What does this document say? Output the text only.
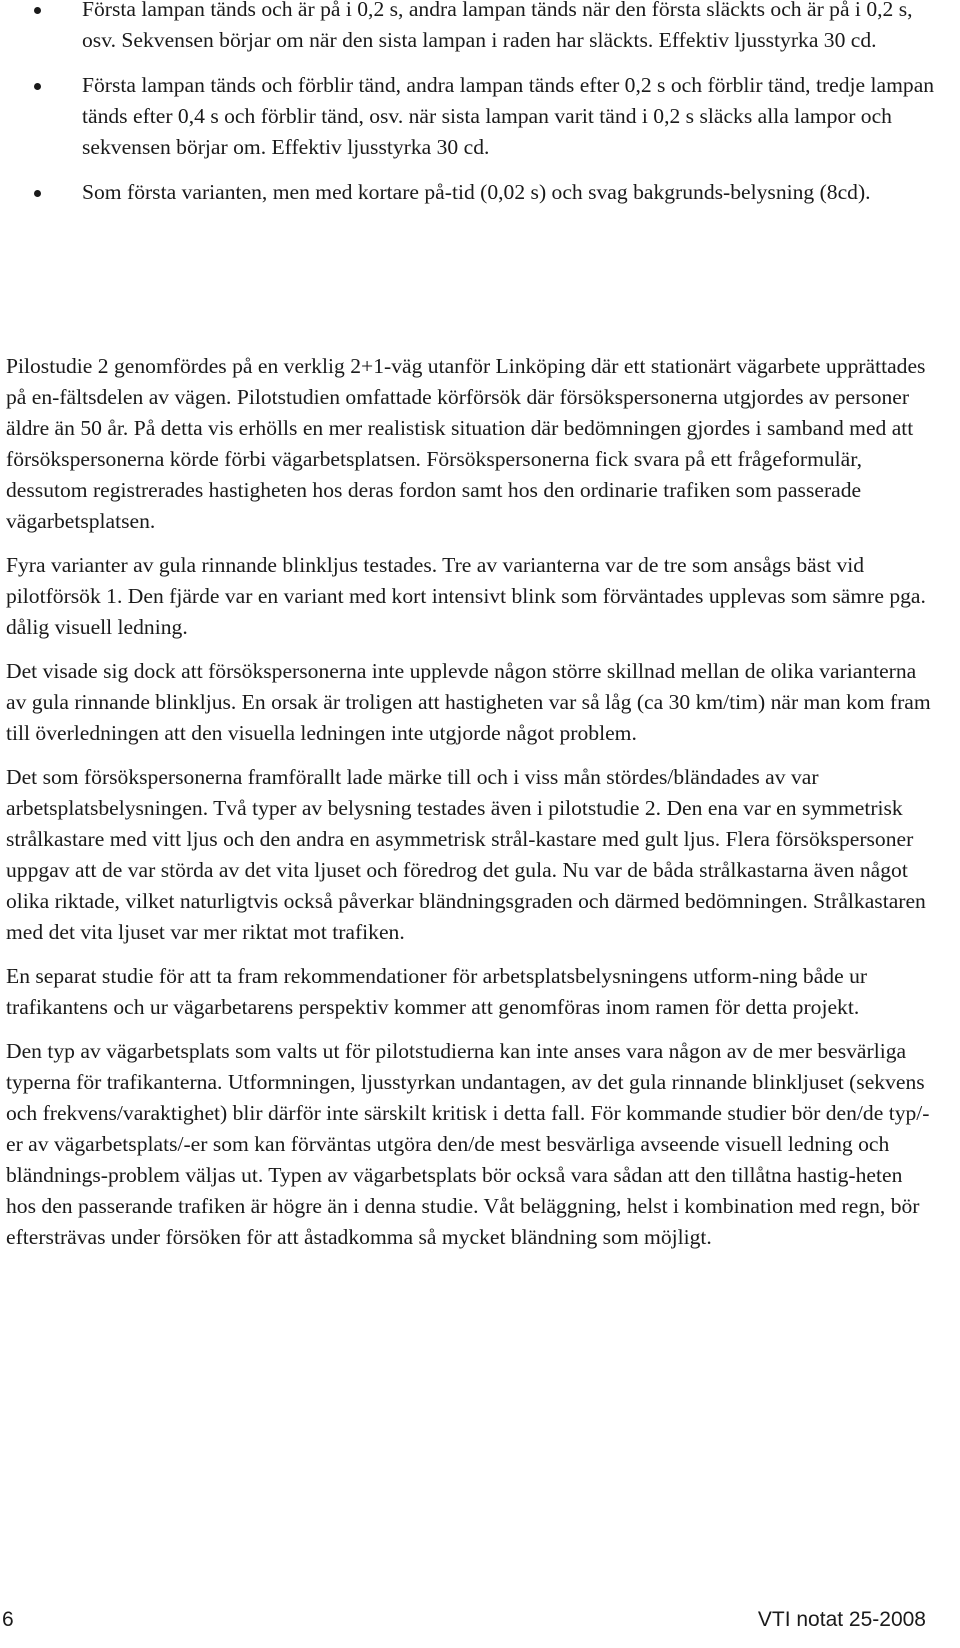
Första lampan tänds och är på i 0,2 s, andra lampan tänds när den första släckts och är på i 0,2 s, osv. Sekvensen börjar om när den sista lampan i raden har släckts. Effektiv ljusstyrka 30 cd.
Första lampan tänds och förblir tänd, andra lampan tänds efter 0,2 s och förblir tänd, tredje lampan tänds efter 0,4 s och förblir tänd, osv. när sista lampan varit tänd i 0,2 s släcks alla lampor och sekvensen börjar om. Effektiv ljusstyrka 30 cd.
Som första varianten, men med kortare på-tid (0,02 s) och svag bakgrunds-belysning (8cd).

Pilostudie 2 genomfördes på en verklig 2+1-väg utanför Linköping där ett stationärt vägarbete upprättades på en-fältsdelen av vägen. Pilotstudien omfattade körförsök där försökspersonerna utgjordes av personer äldre än 50 år. På detta vis erhölls en mer realistisk situation där bedömningen gjordes i samband med att försökspersonerna körde förbi vägarbetsplatsen. Försökspersonerna fick svara på ett frågeformulär, dessutom registrerades hastigheten hos deras fordon samt hos den ordinarie trafiken som passerade vägarbetsplatsen.

Fyra varianter av gula rinnande blinkljus testades. Tre av varianterna var de tre som ansågs bäst vid pilotförsök 1. Den fjärde var en variant med kort intensivt blink som förväntades upplevas som sämre pga. dålig visuell ledning.

Det visade sig dock att försökspersonerna inte upplevde någon större skillnad mellan de olika varianterna av gula rinnande blinkljus. En orsak är troligen att hastigheten var så låg (ca 30 km/tim) när man kom fram till överledningen att den visuella ledningen inte utgjorde något problem.

Det som försökspersonerna framförallt lade märke till och i viss mån stördes/bländades av var arbetsplatsbelysningen. Två typer av belysning testades även i pilotstudie 2. Den ena var en symmetrisk strålkastare med vitt ljus och den andra en asymmetrisk strål-kastare med gult ljus. Flera försökspersoner uppgav att de var störda av det vita ljuset och föredrog det gula. Nu var de båda strålkastarna även något olika riktade, vilket naturligtvis också påverkar bländningsgraden och därmed bedömningen. Strålkastaren med det vita ljuset var mer riktat mot trafiken.

En separat studie för att ta fram rekommendationer för arbetsplatsbelysningens utform-ning både ur trafikantens och ur vägarbetarens perspektiv kommer att genomföras inom ramen för detta projekt.

Den typ av vägarbetsplats som valts ut för pilotstudierna kan inte anses vara någon av de mer besvärliga typerna för trafikanterna. Utformningen, ljusstyrkan undantagen, av det gula rinnande blinkljuset (sekvens och frekvens/varaktighet) blir därför inte särskilt kritisk i detta fall. För kommande studier bör den/de typ/-er av vägarbetsplats/-er som kan förväntas utgöra den/de mest besvärliga avseende visuell ledning och bländnings-problem väljas ut. Typen av vägarbetsplats bör också vara sådan att den tillåtna hastig-heten hos den passerande trafiken är högre än i denna studie. Våt beläggning, helst i kombination med regn, bör eftersträvas under försöken för att åstadkomma så mycket bländning som möjligt.

6	VTI notat 25-2008
